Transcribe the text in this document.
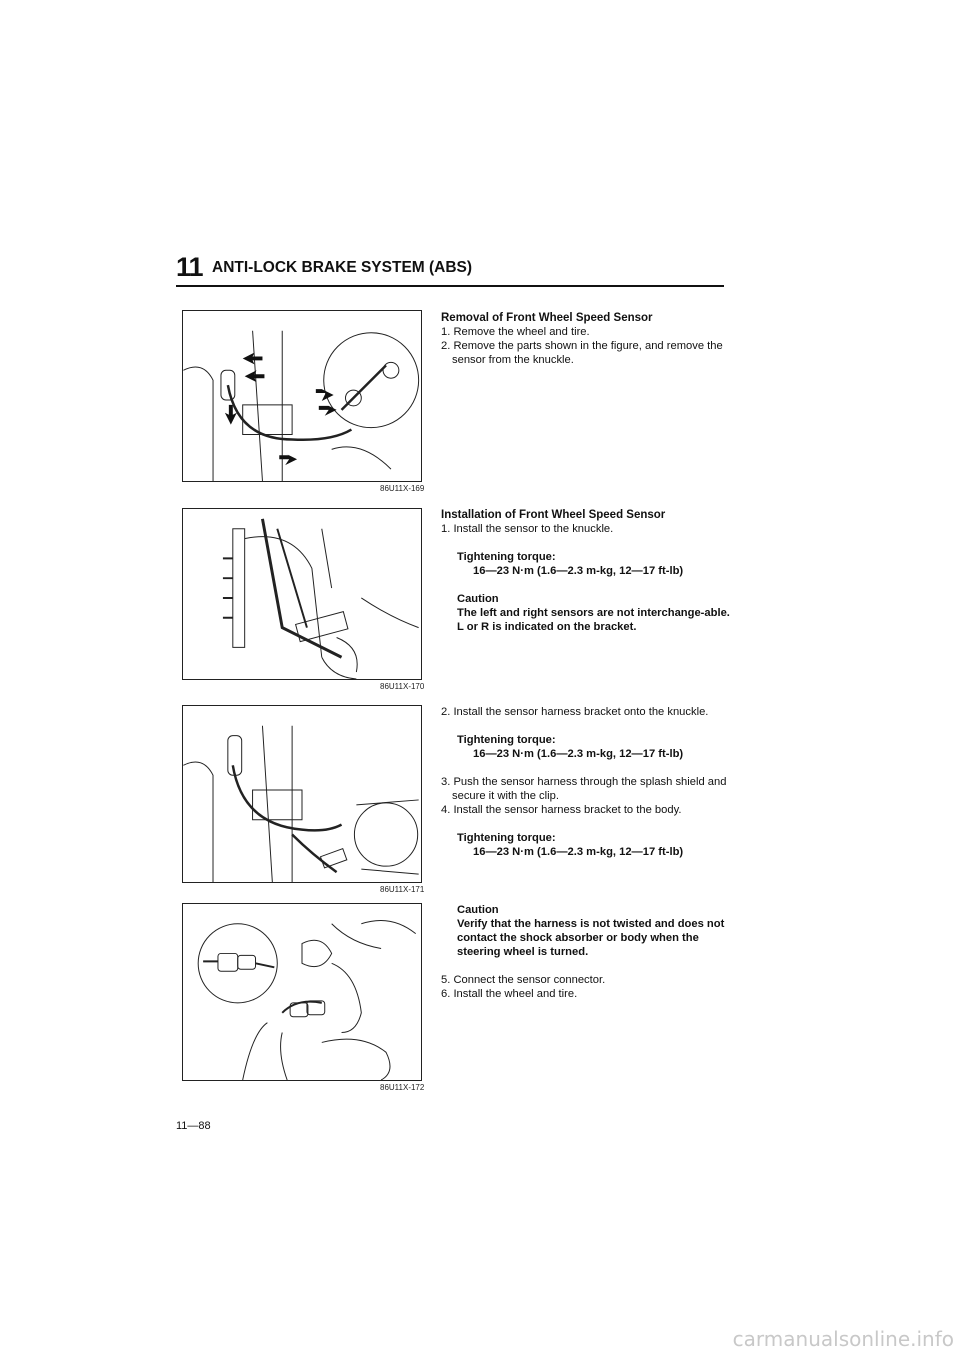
11 ANTI-LOCK BRAKE SYSTEM (ABS)
86U11X-169
86U11X-170
86U11X-171
86U11X-172
Removal of Front Wheel Speed Sensor
1. Remove the wheel and tire.
2. Remove the parts shown in the figure, and remove the sensor from the knuckle.
Installation of Front Wheel Speed Sensor
1. Install the sensor to the knuckle.
Tightening torque:
16—23 N·m (1.6—2.3 m-kg, 12—17 ft-lb)
Caution
The left and right sensors are not interchange-able. L or R is indicated on the bracket.
2. Install the sensor harness bracket onto the knuckle.
Tightening torque:
16—23 N·m (1.6—2.3 m-kg, 12—17 ft-lb)
3. Push the sensor harness through the splash shield and secure it with the clip.
4. Install the sensor harness bracket to the body.
Tightening torque:
16—23 N·m (1.6—2.3 m-kg, 12—17 ft-lb)
Caution
Verify that the harness is not twisted and does not contact the shock absorber or body when the steering wheel is turned.
5. Connect the sensor connector.
6. Install the wheel and tire.
11—88
carmanualsonline.info
